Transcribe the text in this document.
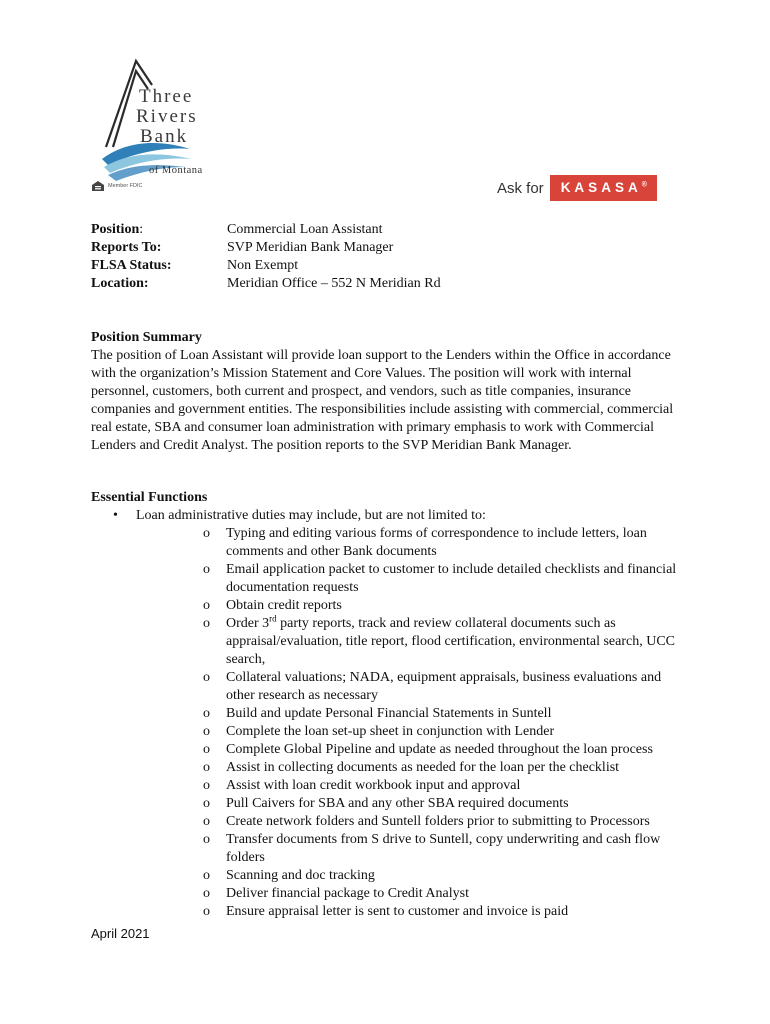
Three
Rivers
Bank
of Montana
Member FDIC	Ask for	KASASA®
Position:	Commercial Loan Assistant
Reports To:	SVP Meridian Bank Manager
FLSA Status:	Non Exempt
Location:	Meridian Office – 552 N Meridian Rd
Position Summary

The position of Loan Assistant will provide loan support to the Lenders within the Office in accordance with the organization’s Mission Statement and Core Values. The position will work with internal personnel, customers, both current and prospect, and vendors, such as title companies, insurance companies and government entities. The responsibilities include assisting with commercial, commercial real estate, SBA and consumer loan administration with primary emphasis to work with Commercial Lenders and Credit Analyst. The position reports to the SVP Meridian Bank Manager.

Essential Functions
• Loan administrative duties may include, but are not limited to:
o Typing and editing various forms of correspondence to include letters, loan comments and other Bank documents
o Email application packet to customer to include detailed checklists and financial documentation requests
o Obtain credit reports
o Order 3rd party reports, track and review collateral documents such as appraisal/evaluation, title report, flood certification, environmental search, UCC search,
o Collateral valuations; NADA, equipment appraisals, business evaluations and other research as necessary
o Build and update Personal Financial Statements in Suntell
o Complete the loan set-up sheet in conjunction with Lender
o Complete Global Pipeline and update as needed throughout the loan process
o Assist in collecting documents as needed for the loan per the checklist
o Assist with loan credit workbook input and approval
o Pull Caivers for SBA and any other SBA required documents
o Create network folders and Suntell folders prior to submitting to Processors
o Transfer documents from S drive to Suntell, copy underwriting and cash flow folders
o Scanning and doc tracking
o Deliver financial package to Credit Analyst
o Ensure appraisal letter is sent to customer and invoice is paid
April 2021
